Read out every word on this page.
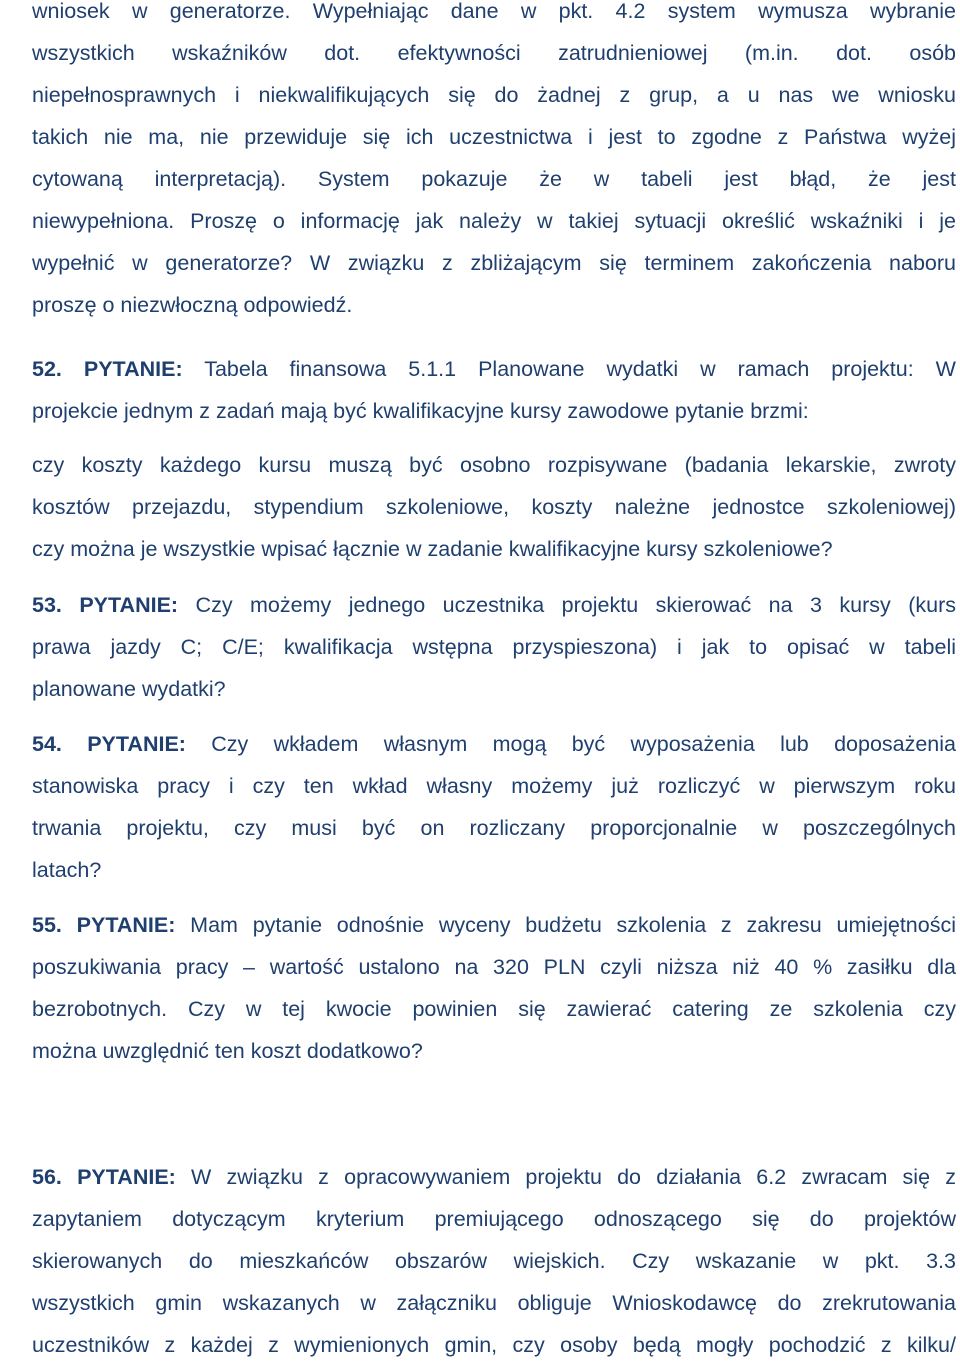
wniosek w generatorze. Wypełniając dane w pkt. 4.2 system wymusza wybranie
wszystkich wskaźników dot. efektywności zatrudnieniowej (m.in. dot. osób
niepełnosprawnych i niekwalifikujących się do żadnej z grup, a u nas we wniosku
takich nie ma, nie przewiduje się ich uczestnictwa i jest to zgodne z Państwa wyżej
cytowaną interpretacją). System pokazuje że w tabeli jest błąd, że jest
niewypełniona. Proszę o informację jak należy w takiej sytuacji określić wskaźniki i je
wypełnić w generatorze? W związku z zbliżającym się terminem zakończenia naboru
proszę o niezwłoczną odpowiedź.
52. PYTANIE: Tabela finansowa 5.1.1 Planowane wydatki w ramach projektu: W
projekcie jednym z zadań mają być kwalifikacyjne kursy zawodowe pytanie brzmi:
czy koszty każdego kursu muszą być osobno rozpisywane (badania lekarskie, zwroty
kosztów przejazdu, stypendium szkoleniowe, koszty należne jednostce szkoleniowej)
czy można je wszystkie wpisać łącznie w zadanie kwalifikacyjne kursy szkoleniowe?
53. PYTANIE: Czy możemy jednego uczestnika projektu skierować na 3 kursy (kurs
prawa jazdy C; C/E; kwalifikacja wstępna przyspieszona) i jak to opisać w tabeli
planowane wydatki?
54. PYTANIE: Czy wkładem własnym mogą być wyposażenia lub doposażenia
stanowiska pracy i czy ten wkład własny możemy już rozliczyć w pierwszym roku
trwania projektu, czy musi być on rozliczany proporcjonalnie w poszczególnych
latach?
55. PYTANIE: Mam pytanie odnośnie wyceny budżetu szkolenia z zakresu umiejętności
poszukiwania pracy – wartość ustalono na 320 PLN czyli niższa niż 40 % zasiłku dla
bezrobotnych. Czy w tej kwocie powinien się zawierać catering ze szkolenia czy
można uwzględnić ten koszt dodatkowo?
56. PYTANIE: W związku z opracowywaniem projektu do działania 6.2 zwracam się z
zapytaniem dotyczącym kryterium premiującego odnoszącego się do projektów
skierowanych do mieszkańców obszarów wiejskich. Czy wskazanie w pkt. 3.3
wszystkich gmin wskazanych w załączniku obliguje Wnioskodawcę do zrekrutowania
uczestników z każdej z wymienionych gmin, czy osoby będą mogły pochodzić z kilku/
